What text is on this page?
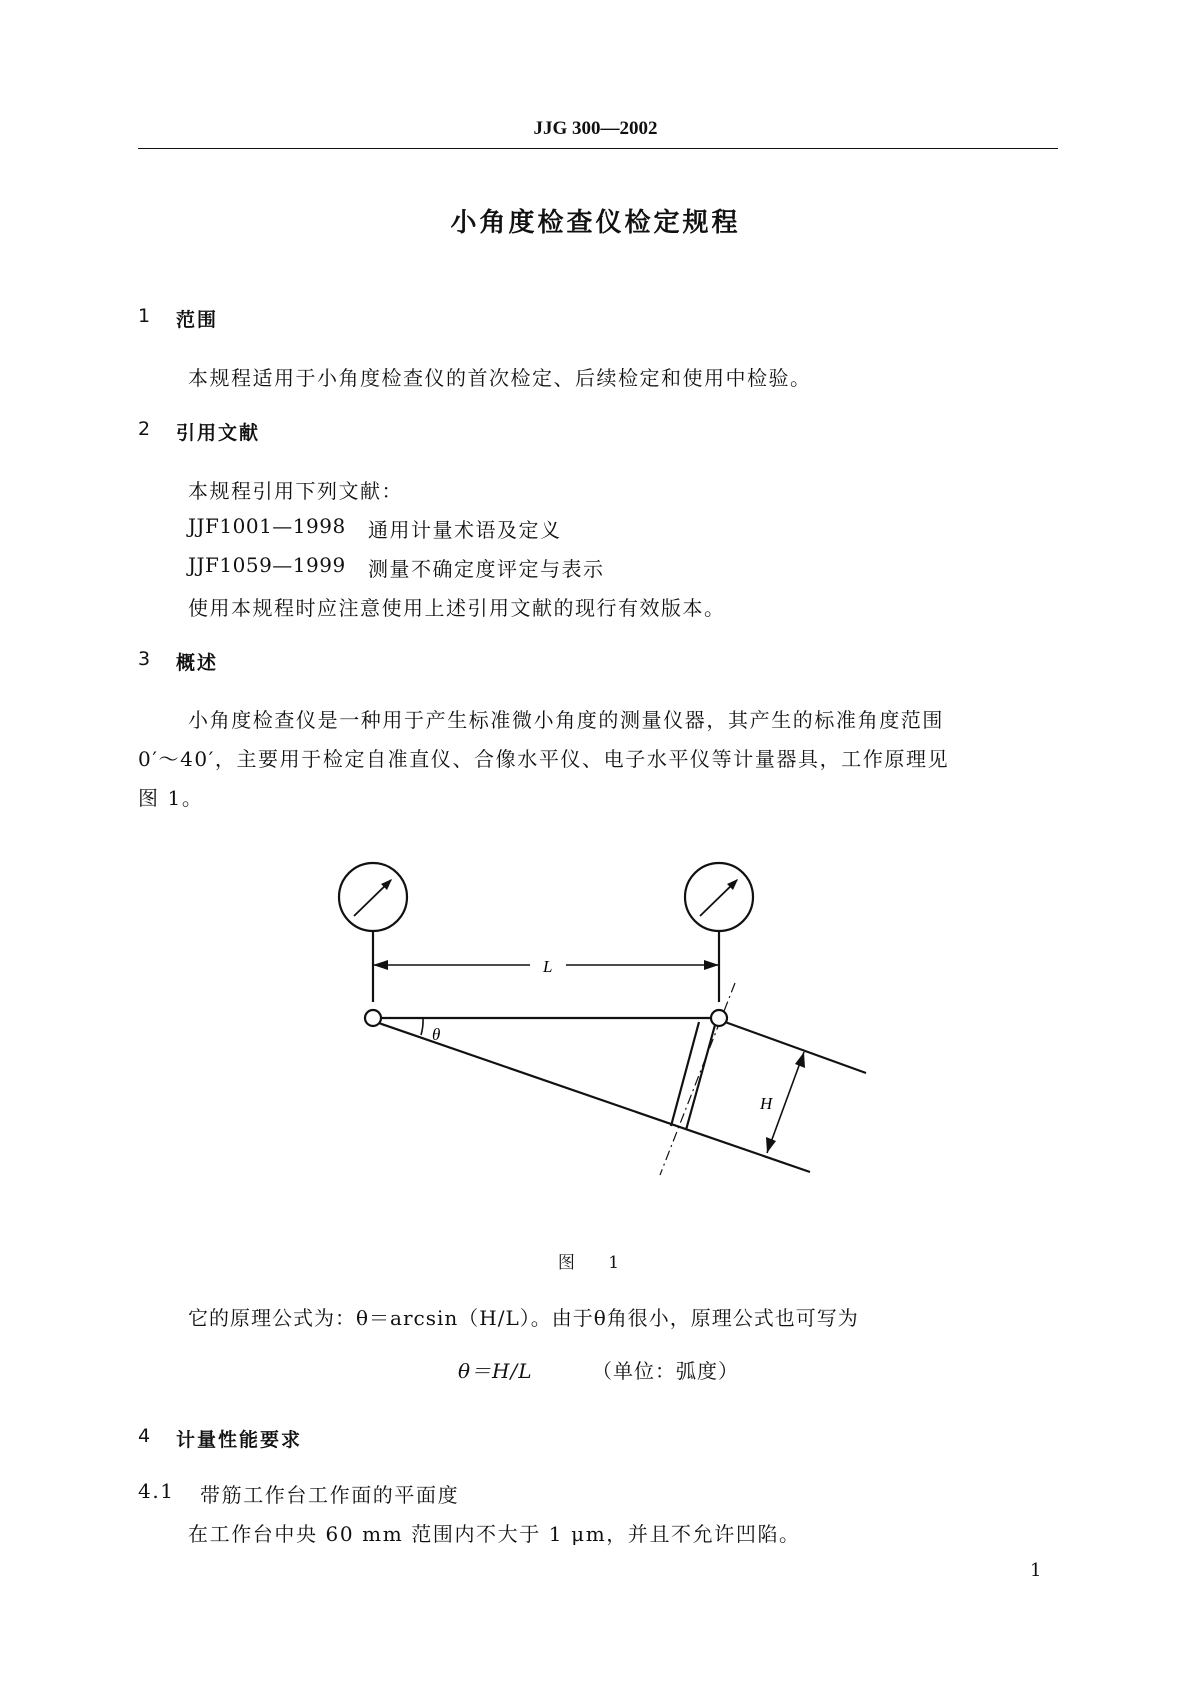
JJG 300—2002
小角度检查仪检定规程
1 范围
本规程适用于小角度检查仪的首次检定、后续检定和使用中检验。
2 引用文献
本规程引用下列文献：
JJF1001—1998 通用计量术语及定义
JJF1059—1999 测量不确定度评定与表示
使用本规程时应注意使用上述引用文献的现行有效版本。
3 概述
小角度检查仪是一种用于产生标准微小角度的测量仪器，其产生的标准角度范围
0′～40′，主要用于检定自准直仪、合像水平仪、电子水平仪等计量器具，工作原理见
图 1。
L
H
θ
图 1
它的原理公式为：θ＝arcsin（H/L）。由于θ角很小，原理公式也可写为
θ＝H/L	（单位：弧度）
4 计量性能要求
4.1 带筋工作台工作面的平面度
在工作台中央 60 mm 范围内不大于 1 μm，并且不允许凹陷。
1
